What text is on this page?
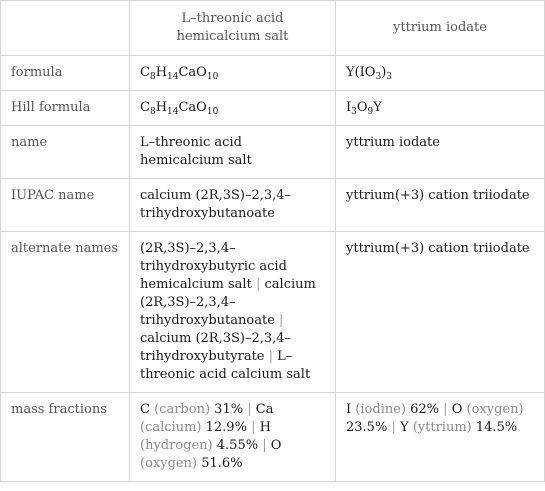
	L–threonic acid hemicalcium salt	yttrium iodate
formula	$C_8H_{14}CaO_{10}$	$Y(IO_3)_3$
Hill formula	$C_8H_{14}CaO_{10}$	$I_3O_9Y$
name	L–threonic acid hemicalcium salt	yttrium iodate
IUPAC name	calcium (2R,3S)–2,3,4–trihydroxybutanoate	yttrium(+3) cation triiodate
alternate names	(2R,3S)–2,3,4–trihydroxybutyric acid hemicalcium salt | calcium (2R,3S)–2,3,4–trihydroxybutanoate | calcium (2R,3S)–2,3,4–trihydroxybutyrate | L–threonic acid calcium salt	yttrium(+3) cation triiodate
mass fractions	C (carbon) 31% | Ca (calcium) 12.9% | H (hydrogen) 4.55% | O (oxygen) 51.6%	I (iodine) 62% | O (oxygen) 23.5% | Y (yttrium) 14.5%
